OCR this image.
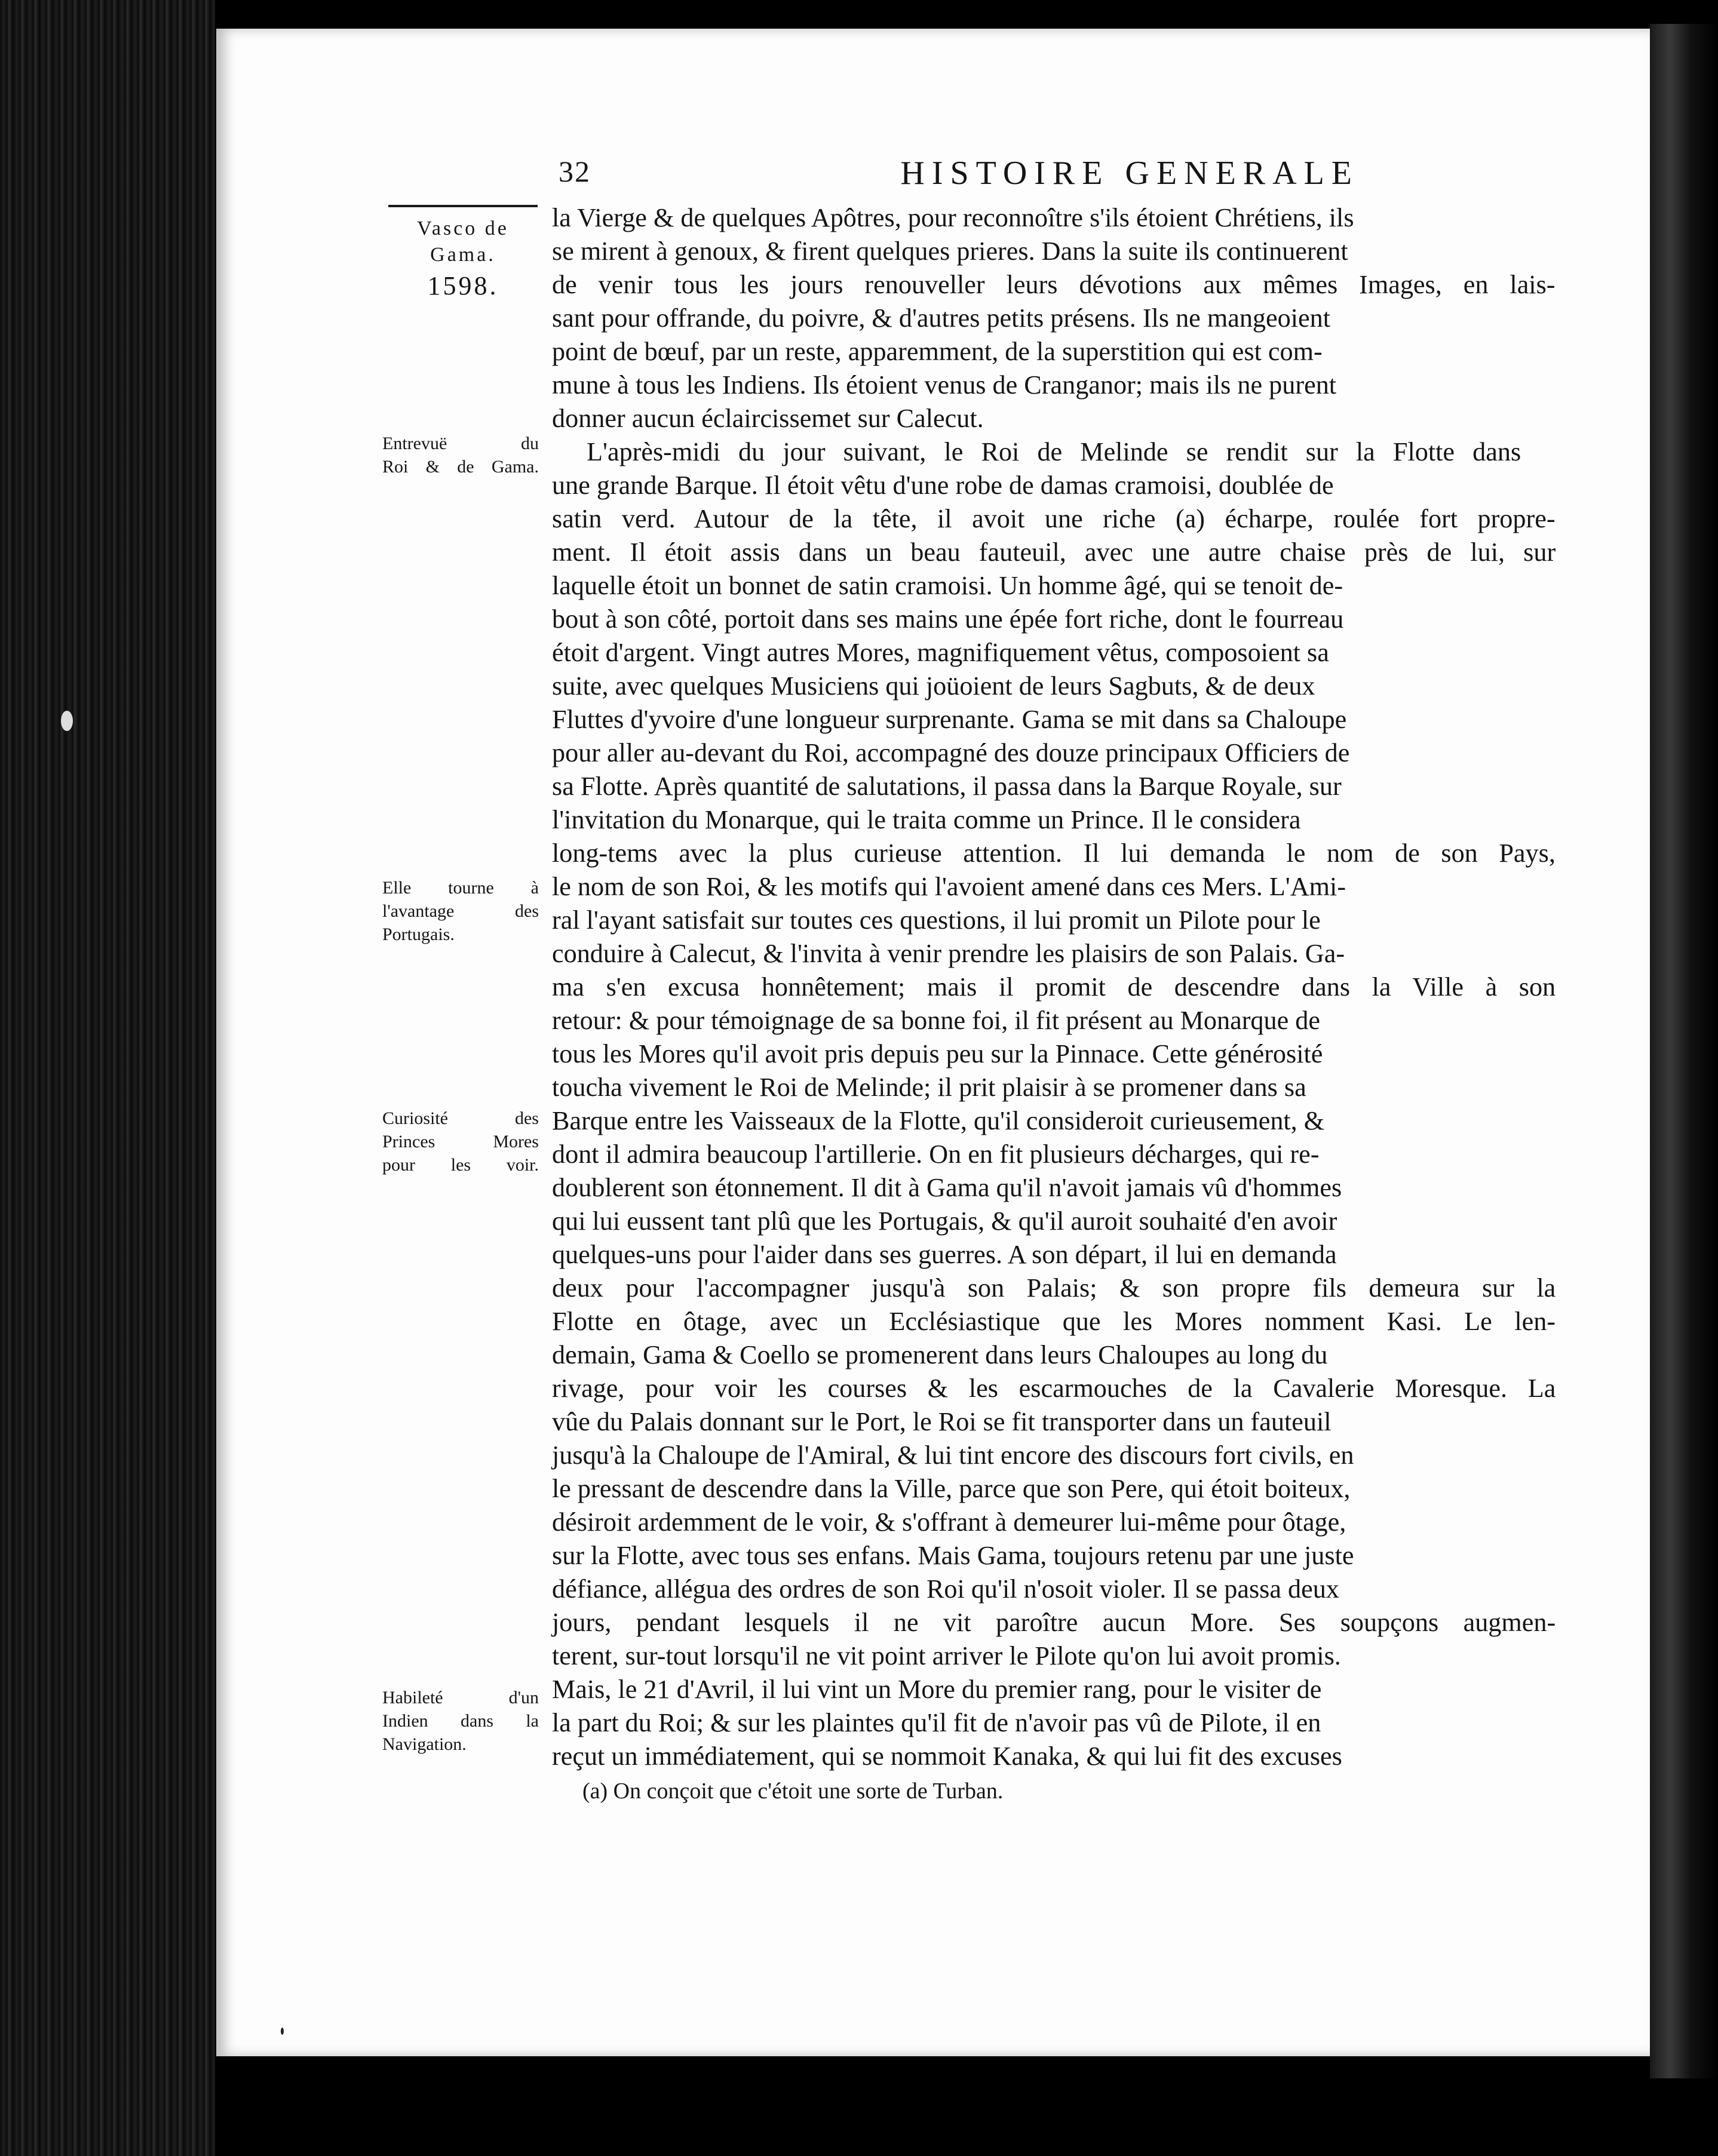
32	HISTOIRE GENERALE
Vasco de
Gama.
1598.
Entrevuë du
Roi & de Gama.
Elle tourne à
l'avantage des
Portugais.
Curiosité des
Princes Mores
pour les voir.
Habileté d'un
Indien dans la
Navigation.
la Vierge & de quelques Apôtres, pour reconnoître s'ils étoient Chrétiens, ils
se mirent à genoux, & firent quelques prieres. Dans la suite ils continuerent
de venir tous les jours renouveller leurs dévotions aux mêmes Images, en lais-
sant pour offrande, du poivre, & d'autres petits présens. Ils ne mangeoient
point de bœuf, par un reste, apparemment, de la superstition qui est com-
mune à tous les Indiens. Ils étoient venus de Cranganor; mais ils ne purent
donner aucun éclaircissemet sur Calecut.
L'après-midi du jour suivant, le Roi de Melinde se rendit sur la Flotte dans
une grande Barque. Il étoit vêtu d'une robe de damas cramoisi, doublée de
satin verd. Autour de la tête, il avoit une riche (a) écharpe, roulée fort propre-
ment. Il étoit assis dans un beau fauteuil, avec une autre chaise près de lui, sur
laquelle étoit un bonnet de satin cramoisi. Un homme âgé, qui se tenoit de-
bout à son côté, portoit dans ses mains une épée fort riche, dont le fourreau
étoit d'argent. Vingt autres Mores, magnifiquement vêtus, composoient sa
suite, avec quelques Musiciens qui joüoient de leurs Sagbuts, & de deux
Fluttes d'yvoire d'une longueur surprenante. Gama se mit dans sa Chaloupe
pour aller au-devant du Roi, accompagné des douze principaux Officiers de
sa Flotte. Après quantité de salutations, il passa dans la Barque Royale, sur
l'invitation du Monarque, qui le traita comme un Prince. Il le considera
long-tems avec la plus curieuse attention. Il lui demanda le nom de son Pays,
le nom de son Roi, & les motifs qui l'avoient amené dans ces Mers. L'Ami-
ral l'ayant satisfait sur toutes ces questions, il lui promit un Pilote pour le
conduire à Calecut, & l'invita à venir prendre les plaisirs de son Palais. Ga-
ma s'en excusa honnêtement; mais il promit de descendre dans la Ville à son
retour: & pour témoignage de sa bonne foi, il fit présent au Monarque de
tous les Mores qu'il avoit pris depuis peu sur la Pinnace. Cette générosité
toucha vivement le Roi de Melinde; il prit plaisir à se promener dans sa
Barque entre les Vaisseaux de la Flotte, qu'il consideroit curieusement, &
dont il admira beaucoup l'artillerie. On en fit plusieurs décharges, qui re-
doublerent son étonnement. Il dit à Gama qu'il n'avoit jamais vû d'hommes
qui lui eussent tant plû que les Portugais, & qu'il auroit souhaité d'en avoir
quelques-uns pour l'aider dans ses guerres. A son départ, il lui en demanda
deux pour l'accompagner jusqu'à son Palais; & son propre fils demeura sur la
Flotte en ôtage, avec un Ecclésiastique que les Mores nomment Kasi. Le len-
demain, Gama & Coello se promenerent dans leurs Chaloupes au long du
rivage, pour voir les courses & les escarmouches de la Cavalerie Moresque. La
vûe du Palais donnant sur le Port, le Roi se fit transporter dans un fauteuil
jusqu'à la Chaloupe de l'Amiral, & lui tint encore des discours fort civils, en
le pressant de descendre dans la Ville, parce que son Pere, qui étoit boiteux,
désiroit ardemment de le voir, & s'offrant à demeurer lui-même pour ôtage,
sur la Flotte, avec tous ses enfans. Mais Gama, toujours retenu par une juste
défiance, allégua des ordres de son Roi qu'il n'osoit violer. Il se passa deux
jours, pendant lesquels il ne vit paroître aucun More. Ses soupçons augmen-
terent, sur-tout lorsqu'il ne vit point arriver le Pilote qu'on lui avoit promis.
Mais, le 21 d'Avril, il lui vint un More du premier rang, pour le visiter de
la part du Roi; & sur les plaintes qu'il fit de n'avoir pas vû de Pilote, il en
reçut un immédiatement, qui se nommoit Kanaka, & qui lui fit des excuses
(a) On conçoit que c'étoit une sorte de Turban.
